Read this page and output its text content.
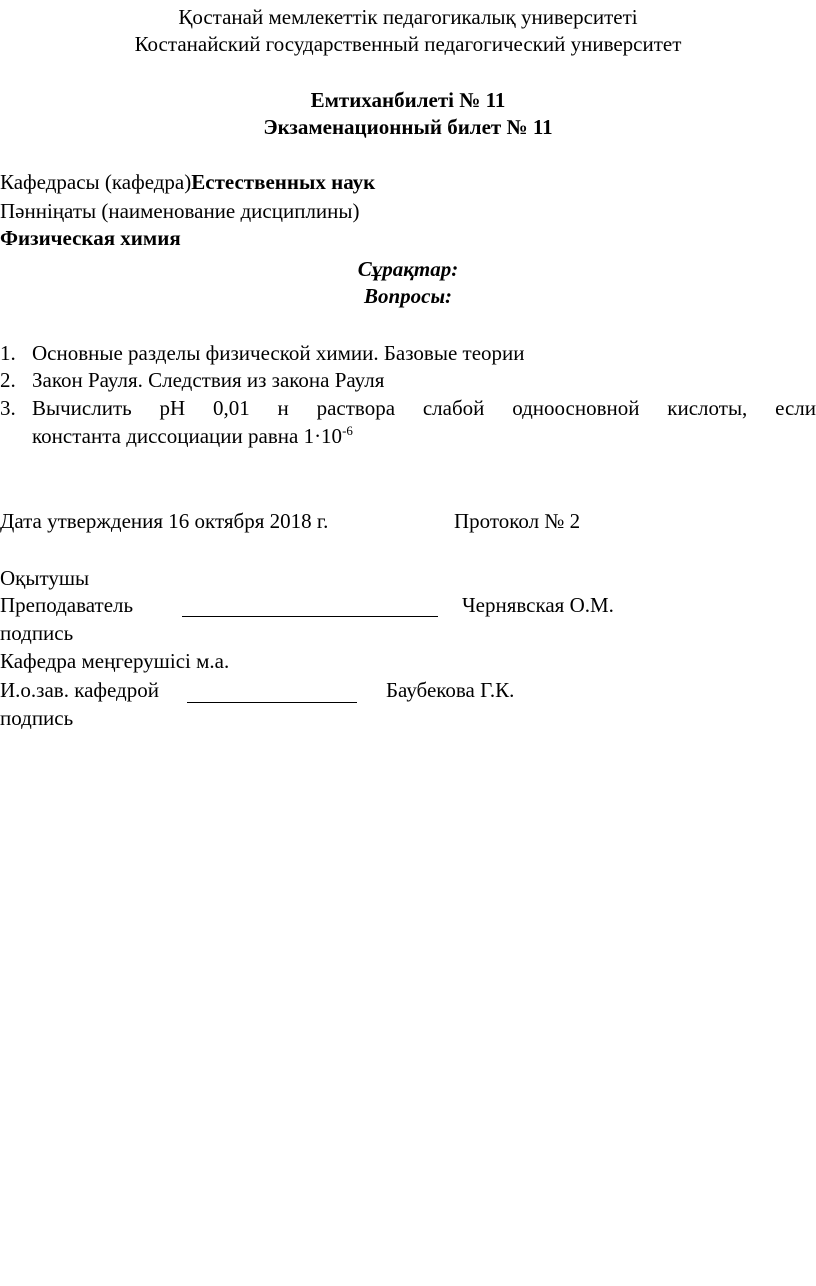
Қостанай мемлекеттік педагогикалық университеті
Костанайский государственный педагогический университет
Емтиханбилеті № 11
Экзаменационный билет № 11
Кафедрасы (кафедра)Естественных наук
Пәнніңаты (наименование дисциплины)
Физическая химия
Сұрақтар:
Вопросы:
1. Основные разделы физической химии. Базовые теории
2. Закон Рауля. Следствия из закона Рауля
3. Вычислить рН 0,01 н раствора слабой одноосновной кислоты, если
константа диссоциации равна $1\cdot 10^{-6}$
Дата утверждения 16 октября 2018 г.	Протокол № 2
Оқытушы
Преподаватель	Чернявская О.М.
подпись
Кафедра меңгерушісі м.а.
И.о.зав. кафедрой	Баубекова Г.К.
подпись
